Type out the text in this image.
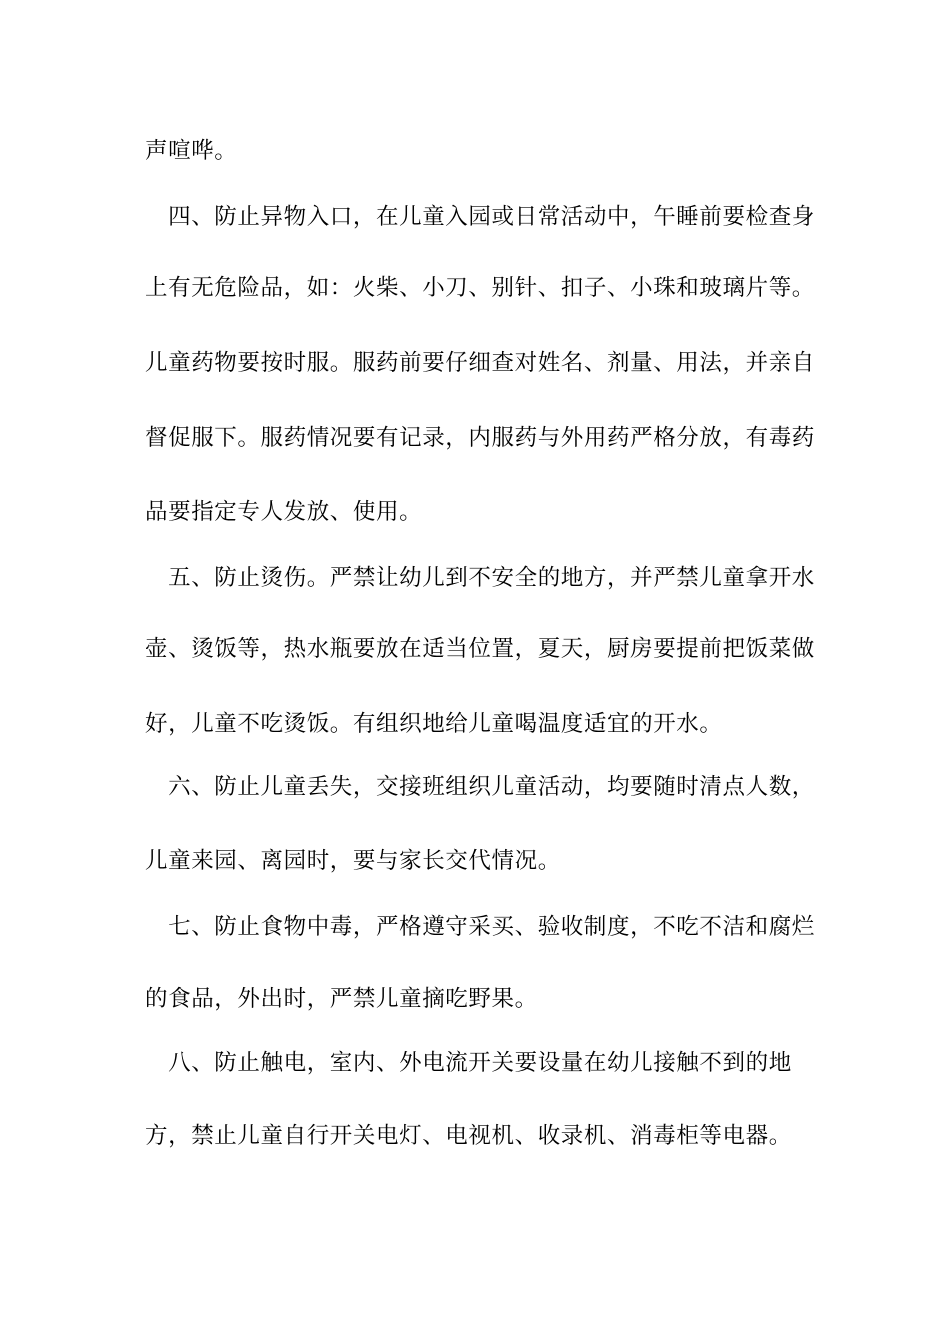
声喧哗。
　四、防止异物入口，在儿童入园或日常活动中，午睡前要检查身
上有无危险品，如：火柴、小刀、别针、扣子、小珠和玻璃片等。
儿童药物要按时服。服药前要仔细查对姓名、剂量、用法，并亲自
督促服下。服药情况要有记录，内服药与外用药严格分放，有毒药
品要指定专人发放、使用。
　五、防止烫伤。严禁让幼儿到不安全的地方，并严禁儿童拿开水
壶、烫饭等，热水瓶要放在适当位置，夏天，厨房要提前把饭菜做
好，儿童不吃烫饭。有组织地给儿童喝温度适宜的开水。
　六、防止儿童丢失，交接班组织儿童活动，均要随时清点人数，
儿童来园、离园时，要与家长交代情况。
　七、防止食物中毒，严格遵守采买、验收制度，不吃不洁和腐烂
的食品，外出时，严禁儿童摘吃野果。
　八、防止触电，室内、外电流开关要设量在幼儿接触不到的地
方，禁止儿童自行开关电灯、电视机、收录机、消毒柜等电器。
